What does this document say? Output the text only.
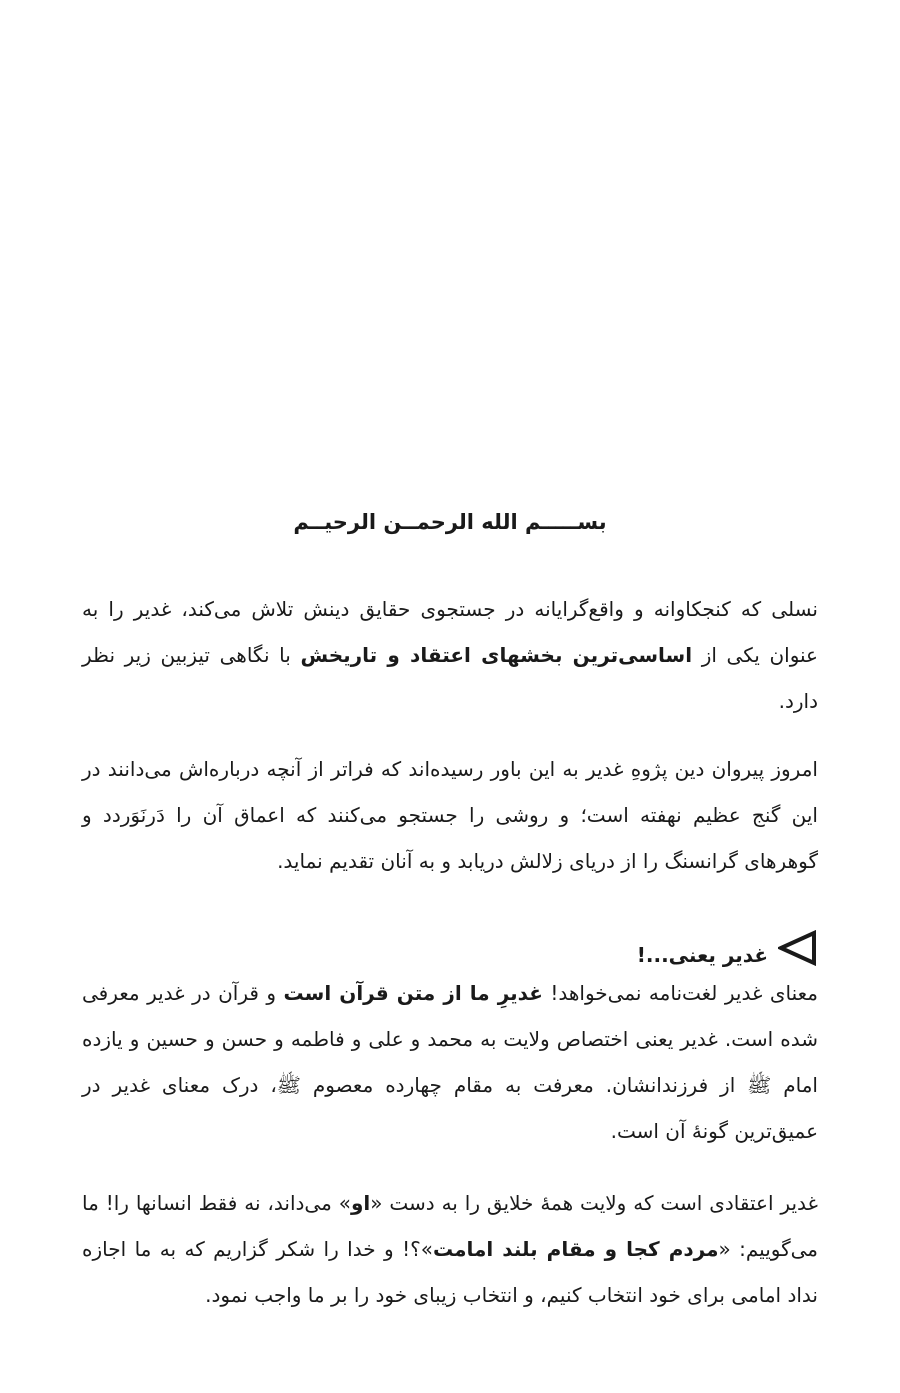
بســـــم الله الرحمــن الرحيــم
نسلی که کنجکاوانه و واقع‌گرایانه در جستجوی حقایق دینش تلاش می‌کند، غدیر را به عنوان یکی از اساسی‌ترین بخشهای اعتقاد و تاریخش با نگاهی تیزبین زیر نظر دارد.
امروز پیروان دین پژوهِ غدیر به این باور رسیده‌اند که فراتر از آنچه درباره‌اش می‌دانند در این گنج عظیم نهفته است؛ و روشی را جستجو می‌کنند که اعماق آن را دَرنَوَردد و گوهرهای گرانسنگ را از دریای زلالش دریابد و به آنان تقدیم نماید.
غدیر یعنی...!
معنای غدیر لغت‌نامه نمی‌خواهد! غدیرِ ما از متن قرآن است و قرآن در غدیر معرفی شده است. غدیر یعنی اختصاص ولایت به محمد و علی و فاطمه و حسن و حسین و یازده امام ﷺ از فرزندانشان. معرفت به مقام چهارده معصوم ﷺ، درک معنای غدیر در عمیق‌ترین گونهٔ آن است.
غدیر اعتقادی است که ولایت همهٔ خلایق را به دست «او» می‌داند، نه فقط انسانها را! ما می‌گوییم: «مردم کجا و مقام بلند امامت»؟! و خدا را شکر گزاریم که به ما اجازه نداد امامی برای خود انتخاب کنیم، و انتخاب زیبای خود را بر ما واجب نمود.
